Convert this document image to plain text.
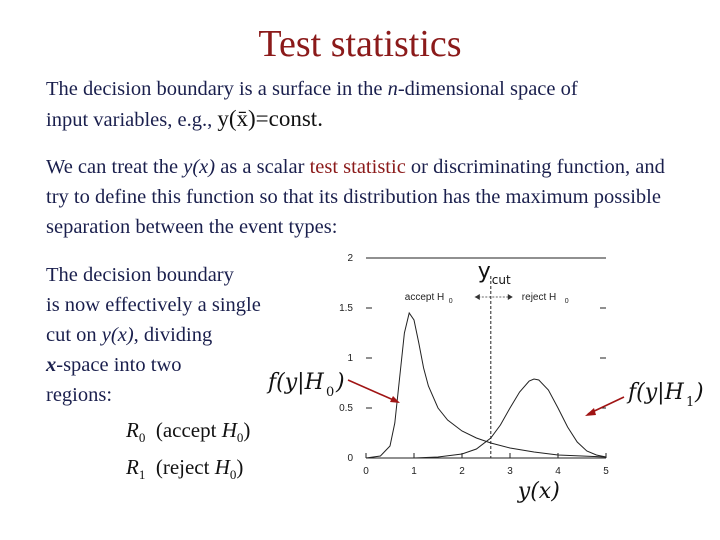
Test statistics
The decision boundary is a surface in the n-dimensional space of
input variables, e.g., y(x̄)=const.
We can treat the y(x) as a scalar test statistic or discriminating function, and try to define this function so that its distribution has the maximum possible separation between the event types:
The decision boundary
is now effectively a single
cut on y(x), dividing
x-space into two
regions:
$R_0$ (accept $H_0$)
$R_1$ (reject $H_0$)	0	1	2	3	4	5
0
0.5
1
1.5
2
y cut
accept H 0	reject H 0
y(x)
f(y|H 0 )	f(y|H 1 )
